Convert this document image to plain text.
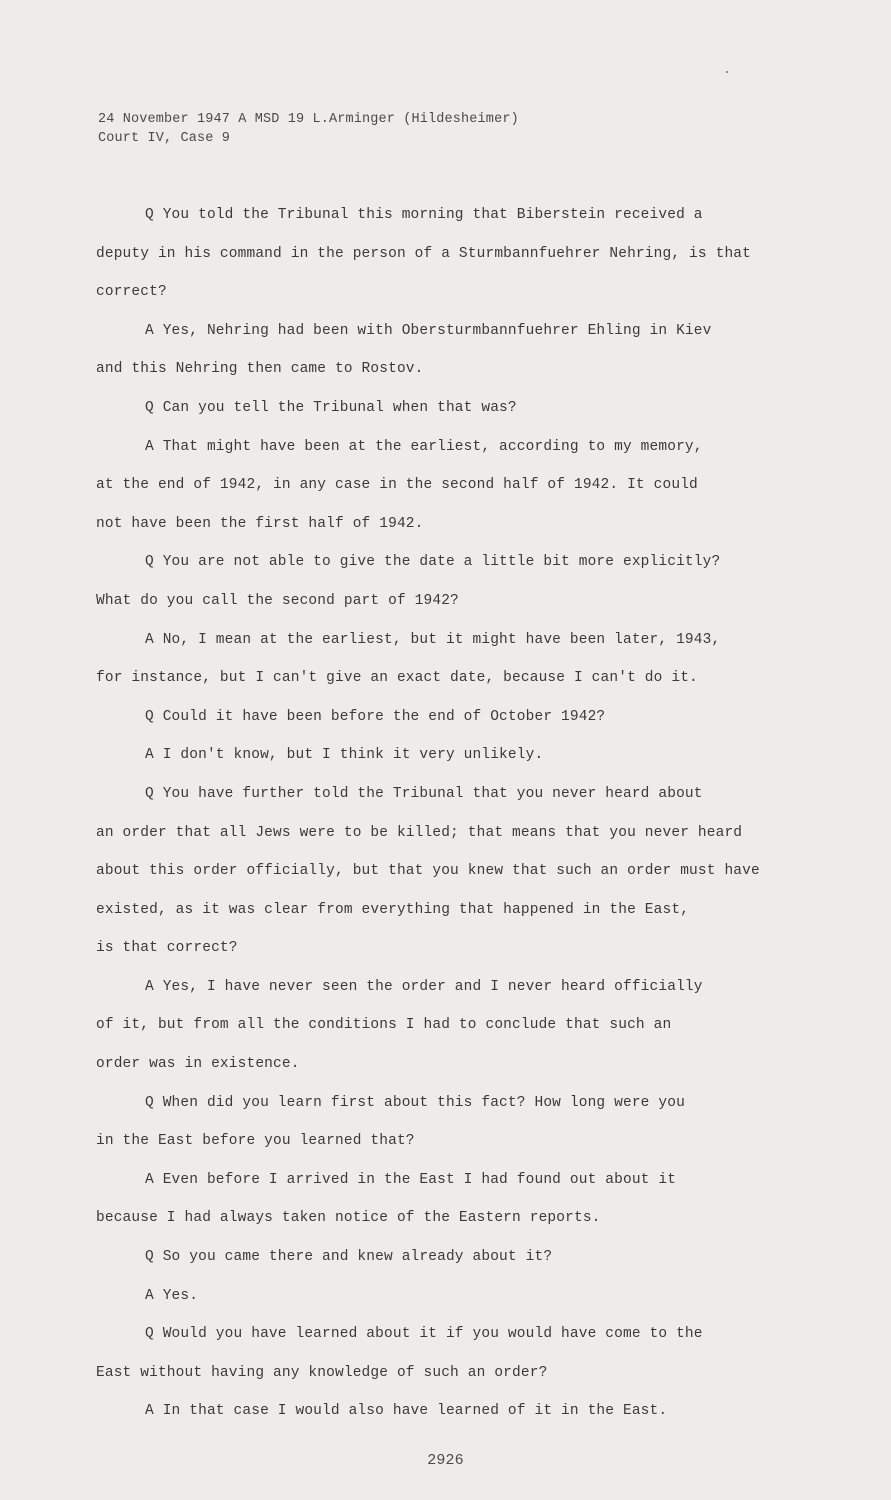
24 November 1947 A MSD 19 L.Arminger (Hildesheimer)
Court IV, Case 9
Q You told the Tribunal this morning that Biberstein received a
deputy in his command in the person of a Sturmbannfuehrer Nehring, is that
correct?
A Yes, Nehring had been with Obersturmbannfuehrer Ehling in Kiev
and this Nehring then came to Rostov.
Q Can you tell the Tribunal when that was?
A That might have been at the earliest, according to my memory,
at the end of 1942, in any case in the second half of 1942. It could
not have been the first half of 1942.
Q You are not able to give the date a little bit more explicitly?
What do you call the second part of 1942?
A No, I mean at the earliest, but it might have been later, 1943,
for instance, but I can't give an exact date, because I can't do it.
Q Could it have been before the end of October 1942?
A I don't know, but I think it very unlikely.
Q You have further told the Tribunal that you never heard about
an order that all Jews were to be killed; that means that you never heard
about this order officially, but that you knew that such an order must have
existed, as it was clear from everything that happened in the East,
is that correct?
A Yes, I have never seen the order and I never heard officially
of it, but from all the conditions I had to conclude that such an
order was in existence.
Q When did you learn first about this fact? How long were you
in the East before you learned that?
A Even before I arrived in the East I had found out about it
because I had always taken notice of the Eastern reports.
Q So you came there and knew already about it?
A Yes.
Q Would you have learned about it if you would have come to the
East without having any knowledge of such an order?
A In that case I would also have learned of it in the East.
2926
